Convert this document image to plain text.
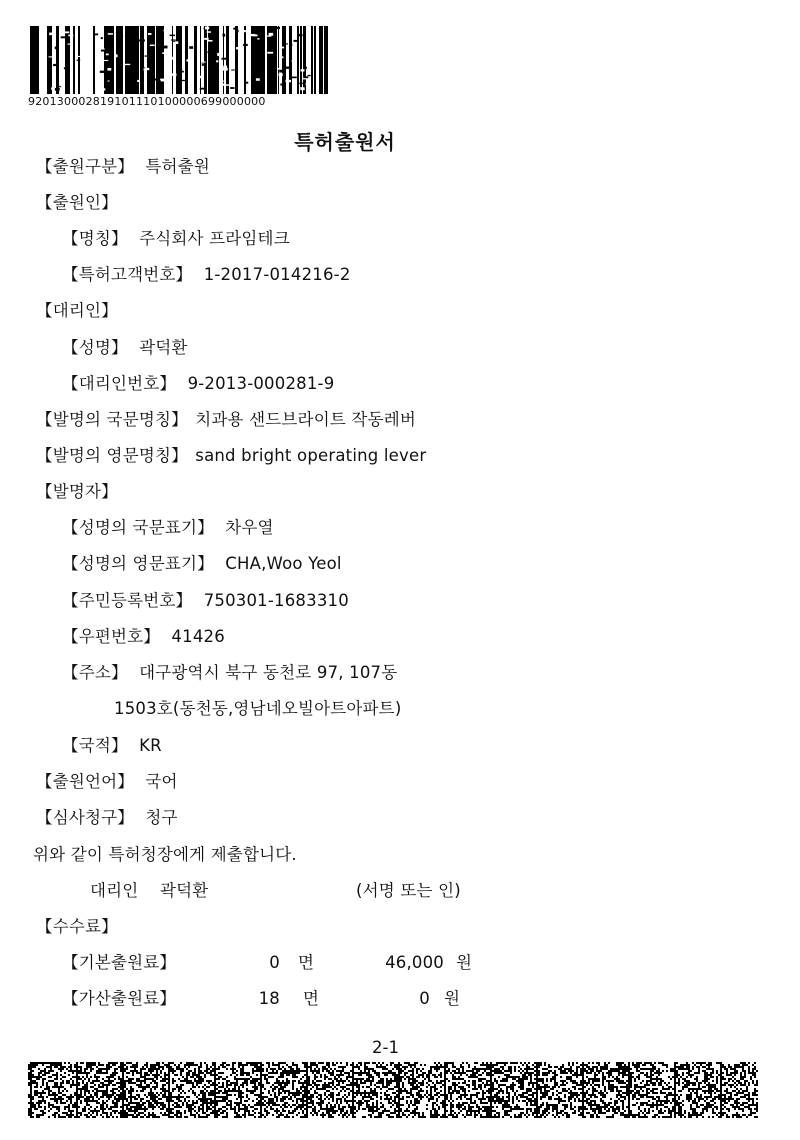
920130002819101110100000699000000
특허출원서
【출원구분】 특허출원
【출원인】
【명칭】 주식회사 프라임테크
【특허고객번호】 1-2017-014216-2
【대리인】
【성명】 곽덕환
【대리인번호】 9-2013-000281-9
【발명의 국문명칭】 치과용 샌드브라이트 작동레버
【발명의 영문명칭】 sand bright operating lever
【발명자】
【성명의 국문표기】 차우열
【성명의 영문표기】 CHA,Woo Yeol
【주민등록번호】 750301-1683310
【우편번호】 41426
【주소】 대구광역시 북구 동천로 97, 107동
1503호(동천동,영남네오빌아트아파트)
【국적】 KR
【출원언어】 국어
【심사청구】 청구
위와 같이 특허청장에게 제출합니다.
대리인 곽덕환	(서명 또는 인)
【수수료】
【기본출원료】	0 면	46,000 원
【가산출원료】	18 면	0 원
2-1
